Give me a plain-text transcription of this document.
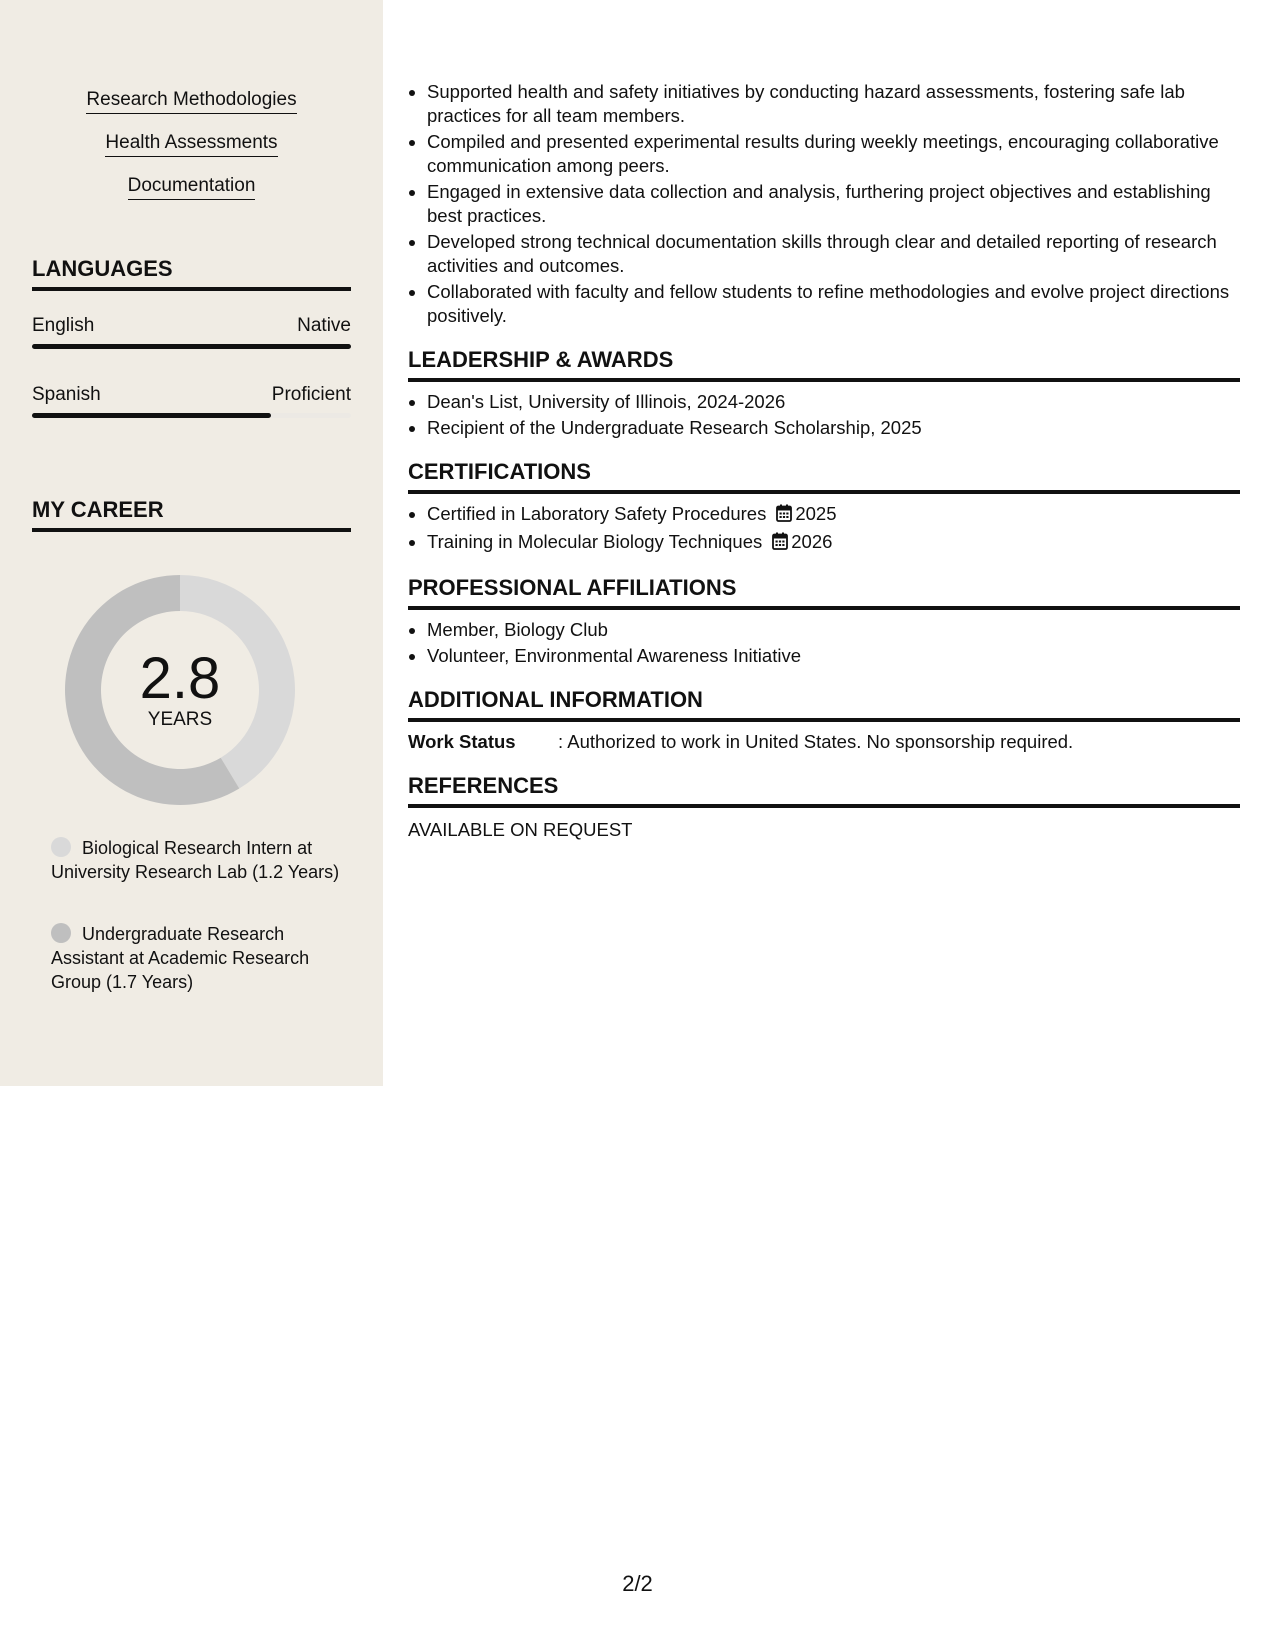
Research Methodologies
Health Assessments
Documentation
LANGUAGES
English	Native
Spanish	Proficient
MY CAREER
2.8
YEARS
Biological Research Intern at University Research Lab (1.2 Years)
Undergraduate Research Assistant at Academic Research Group (1.7 Years)
Supported health and safety initiatives by conducting hazard assessments, fostering safe lab practices for all team members.
Compiled and presented experimental results during weekly meetings, encouraging collaborative communication among peers.
Engaged in extensive data collection and analysis, furthering project objectives and establishing best practices.
Developed strong technical documentation skills through clear and detailed reporting of research activities and outcomes.
Collaborated with faculty and fellow students to refine methodologies and evolve project directions positively.
LEADERSHIP & AWARDS
Dean's List, University of Illinois, 2024-2026
Recipient of the Undergraduate Research Scholarship, 2025
CERTIFICATIONS
Certified in Laboratory Safety Procedures 2025
Training in Molecular Biology Techniques 2026
PROFESSIONAL AFFILIATIONS
Member, Biology Club
Volunteer, Environmental Awareness Initiative
ADDITIONAL INFORMATION
Work Status : Authorized to work in United States. No sponsorship required.
REFERENCES
AVAILABLE ON REQUEST
2/2
